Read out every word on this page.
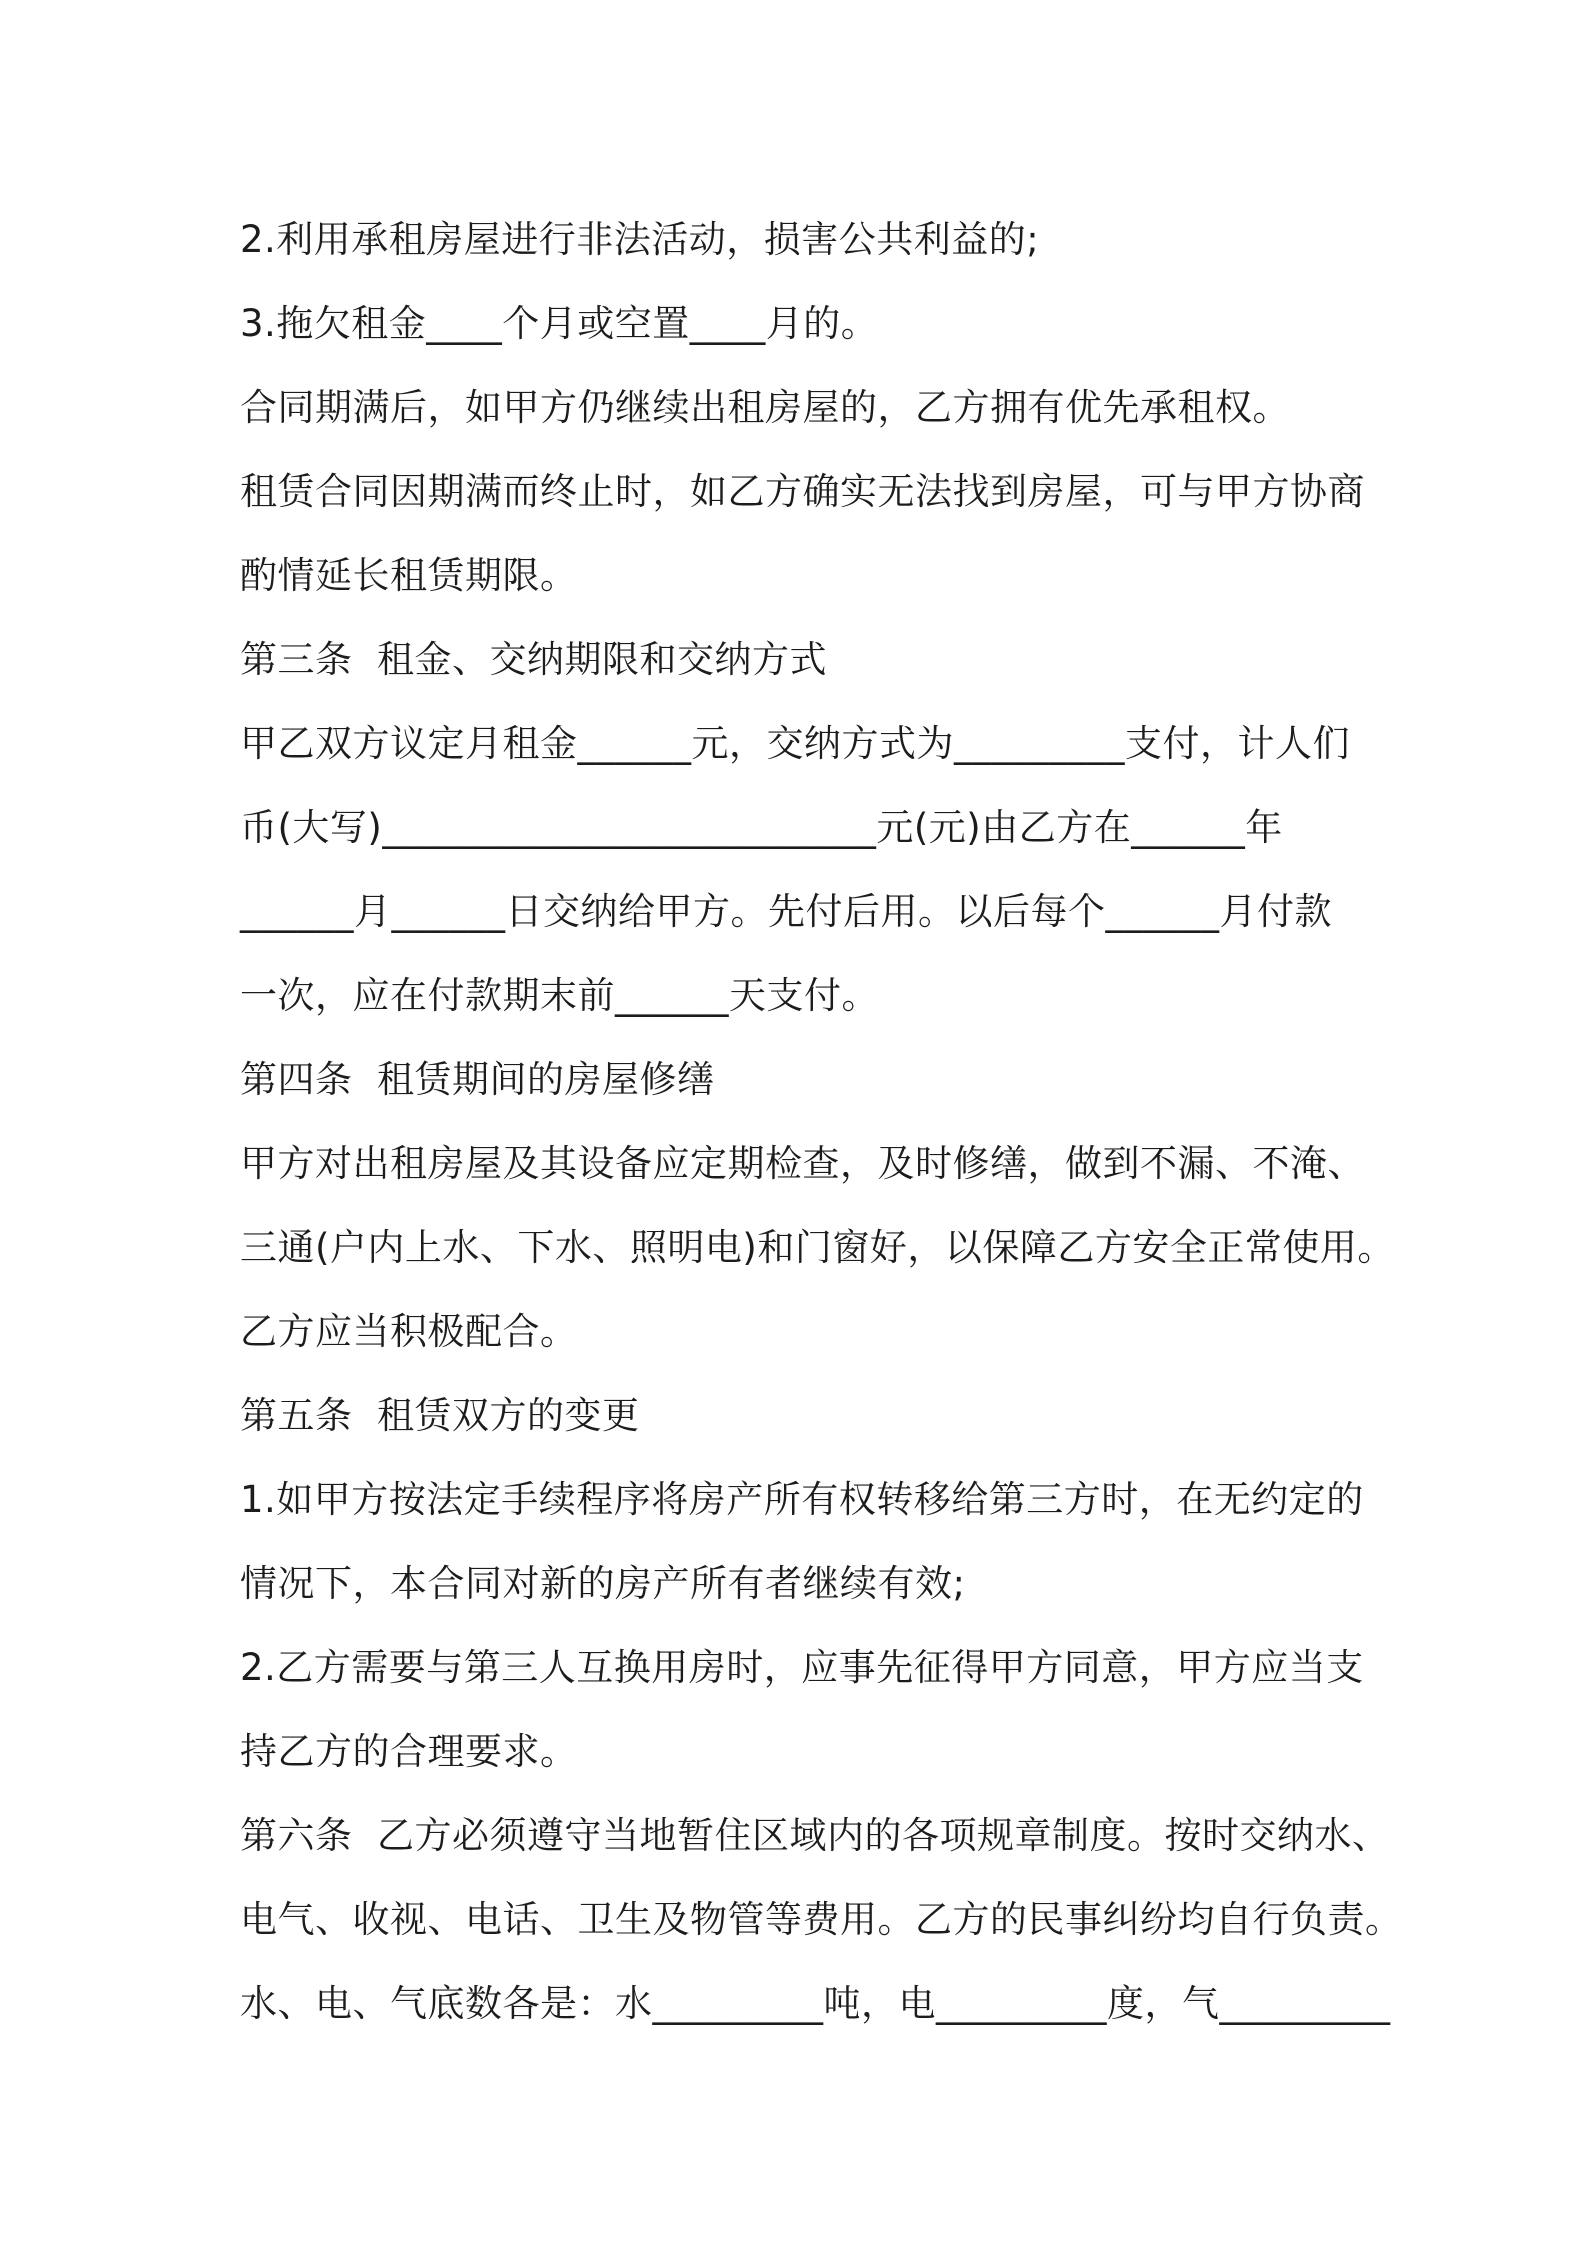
2.利用承租房屋进行非法活动，损害公共利益的;
3.拖欠租金____个月或空置____月的。
合同期满后，如甲方仍继续出租房屋的，乙方拥有优先承租权。
租赁合同因期满而终止时，如乙方确实无法找到房屋，可与甲方协商
酌情延长租赁期限。
第三条  租金、交纳期限和交纳方式
甲乙双方议定月租金______元，交纳方式为_________支付，计人们
币(大写)__________________________元(元)由乙方在______年
______月______日交纳给甲方。先付后用。以后每个______月付款
一次，应在付款期末前______天支付。
第四条  租赁期间的房屋修缮
甲方对出租房屋及其设备应定期检查，及时修缮，做到不漏、不淹、
三通(户内上水、下水、照明电)和门窗好，以保障乙方安全正常使用。
乙方应当积极配合。
第五条  租赁双方的变更
1.如甲方按法定手续程序将房产所有权转移给第三方时，在无约定的
情况下，本合同对新的房产所有者继续有效;
2.乙方需要与第三人互换用房时，应事先征得甲方同意，甲方应当支
持乙方的合理要求。
第六条  乙方必须遵守当地暂住区域内的各项规章制度。按时交纳水、
电气、收视、电话、卫生及物管等费用。乙方的民事纠纷均自行负责。
水、电、气底数各是：水_________吨，电_________度，气_________
